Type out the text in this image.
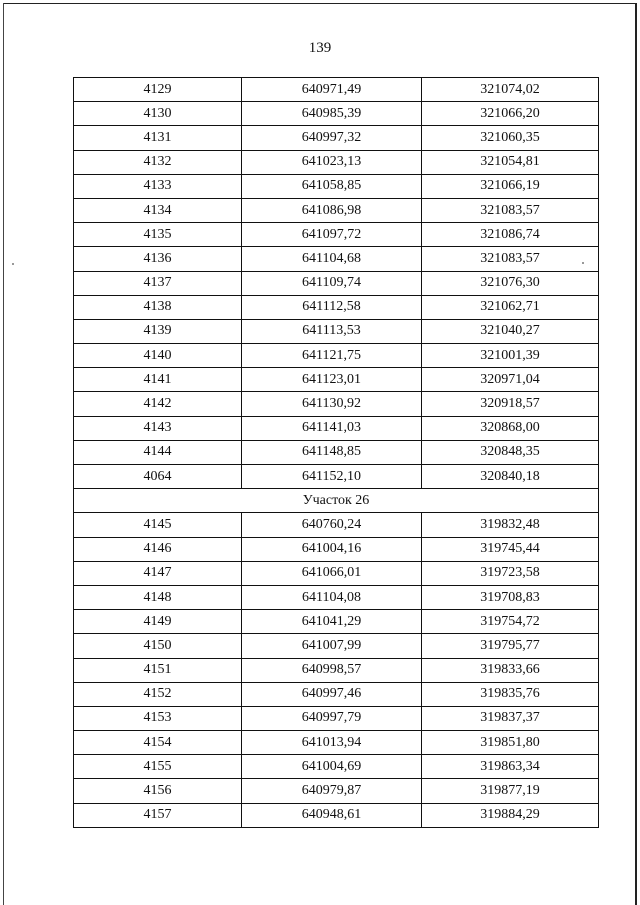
139
4129	640971,49	321074,02
4130	640985,39	321066,20
4131	640997,32	321060,35
4132	641023,13	321054,81
4133	641058,85	321066,19
4134	641086,98	321083,57
4135	641097,72	321086,74
4136	641104,68	321083,57
4137	641109,74	321076,30
4138	641112,58	321062,71
4139	641113,53	321040,27
4140	641121,75	321001,39
4141	641123,01	320971,04
4142	641130,92	320918,57
4143	641141,03	320868,00
4144	641148,85	320848,35
4064	641152,10	320840,18
Участок 26		
4145	640760,24	319832,48
4146	641004,16	319745,44
4147	641066,01	319723,58
4148	641104,08	319708,83
4149	641041,29	319754,72
4150	641007,99	319795,77
4151	640998,57	319833,66
4152	640997,46	319835,76
4153	640997,79	319837,37
4154	641013,94	319851,80
4155	641004,69	319863,34
4156	640979,87	319877,19
4157	640948,61	319884,29
